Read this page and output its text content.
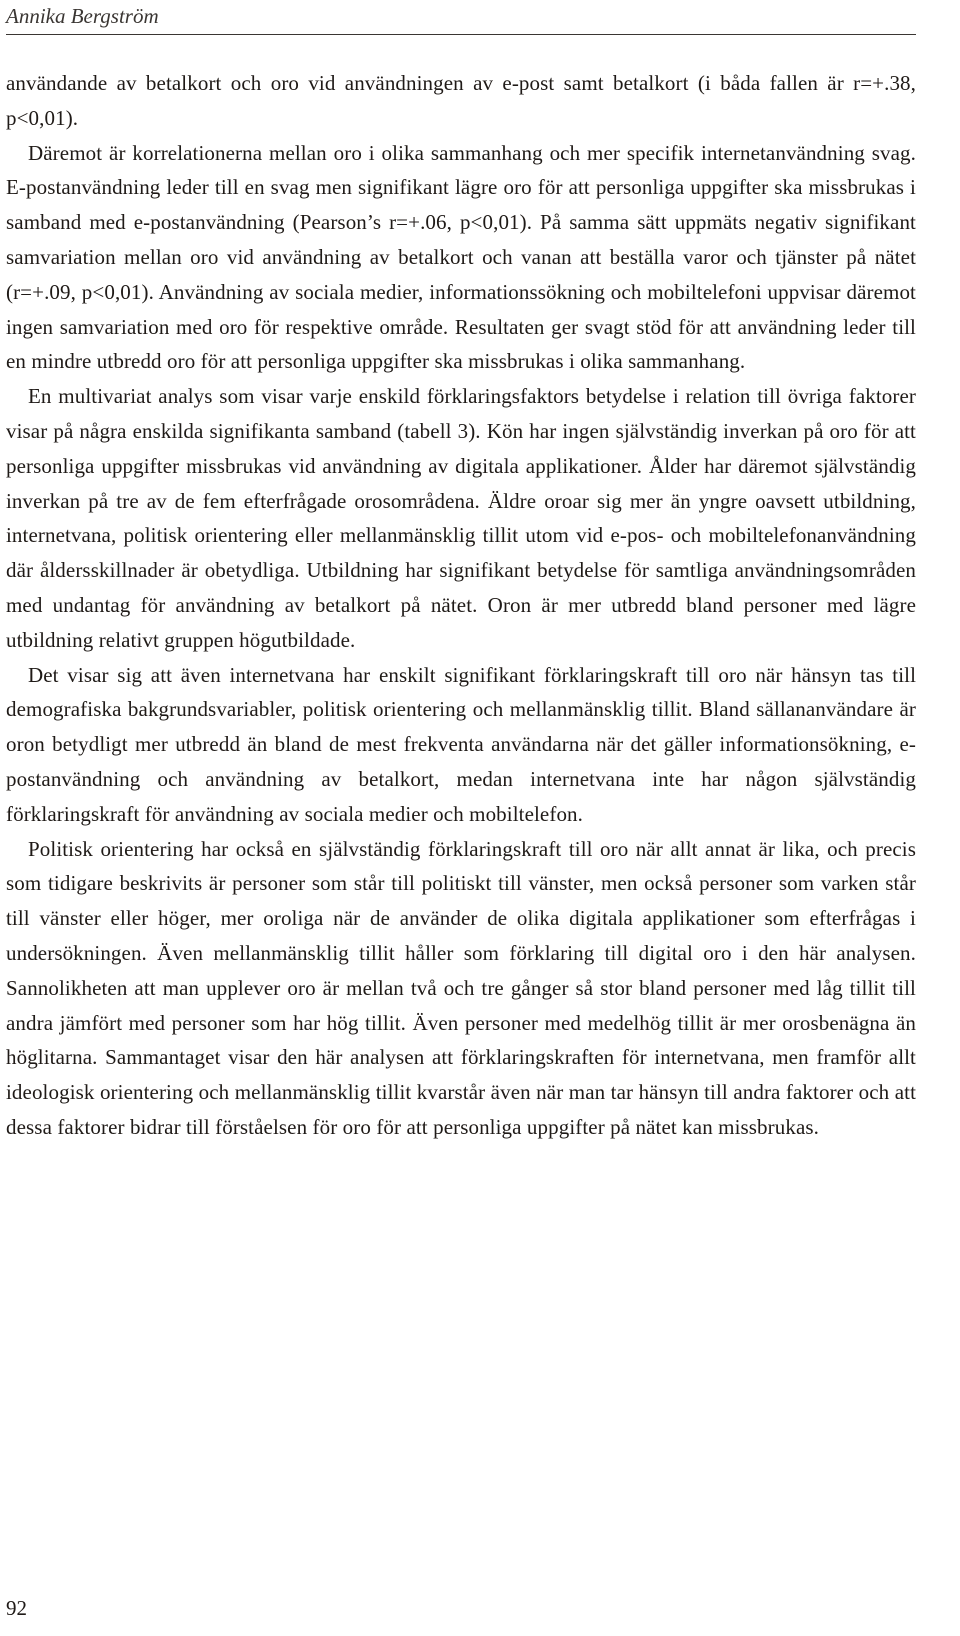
Annika Bergström

användande av betalkort och oro vid användningen av e-post samt betalkort (i båda fallen är r=+.38, p<0,01).

Däremot är korrelationerna mellan oro i olika sammanhang och mer specifik internetanvändning svag. E-postanvändning leder till en svag men signifikant lägre oro för att personliga uppgifter ska missbrukas i samband med e-postanvändning (Pearson’s r=+.06, p<0,01). På samma sätt uppmäts negativ signifikant samvariation mellan oro vid användning av betalkort och vanan att beställa varor och tjänster på nätet (r=+.09, p<0,01). Användning av sociala medier, informationssökning och mobiltelefoni uppvisar däremot ingen samvariation med oro för respektive område. Resultaten ger svagt stöd för att användning leder till en mindre utbredd oro för att personliga uppgifter ska missbrukas i olika sammanhang.

En multivariat analys som visar varje enskild förklaringsfaktors betydelse i relation till övriga faktorer visar på några enskilda signifikanta samband (tabell 3). Kön har ingen självständig inverkan på oro för att personliga uppgifter missbrukas vid användning av digitala applikationer. Ålder har däremot självständig inverkan på tre av de fem efterfrågade orosområdena. Äldre oroar sig mer än yngre oavsett utbildning, internetvana, politisk orientering eller mellanmänsklig tillit utom vid e-pos- och mobiltelefonanvändning där åldersskillnader är obetydliga. Utbildning har signifikant betydelse för samtliga användningsområden med undantag för användning av betalkort på nätet. Oron är mer utbredd bland personer med lägre utbildning relativt gruppen högutbildade.

Det visar sig att även internetvana har enskilt signifikant förklaringskraft till oro när hänsyn tas till demografiska bakgrundsvariabler, politisk orientering och mellanmänsklig tillit. Bland sällananvändare är oron betydligt mer utbredd än bland de mest frekventa användarna när det gäller informationsökning, e-postanvändning och användning av betalkort, medan internetvana inte har någon självständig förklaringskraft för användning av sociala medier och mobiltelefon.

Politisk orientering har också en självständig förklaringskraft till oro när allt annat är lika, och precis som tidigare beskrivits är personer som står till politiskt till vänster, men också personer som varken står till vänster eller höger, mer oroliga när de använder de olika digitala applikationer som efterfrågas i undersökningen. Även mellanmänsklig tillit håller som förklaring till digital oro i den här analysen. Sannolikheten att man upplever oro är mellan två och tre gånger så stor bland personer med låg tillit till andra jämfört med personer som har hög tillit. Även personer med medelhög tillit är mer orosbenägna än höglitarna. Sammantaget visar den här analysen att förklaringskraften för internetvana, men framför allt ideologisk orientering och mellanmänsklig tillit kvarstår även när man tar hänsyn till andra faktorer och att dessa faktorer bidrar till förståelsen för oro för att personliga uppgifter på nätet kan missbrukas.

92
